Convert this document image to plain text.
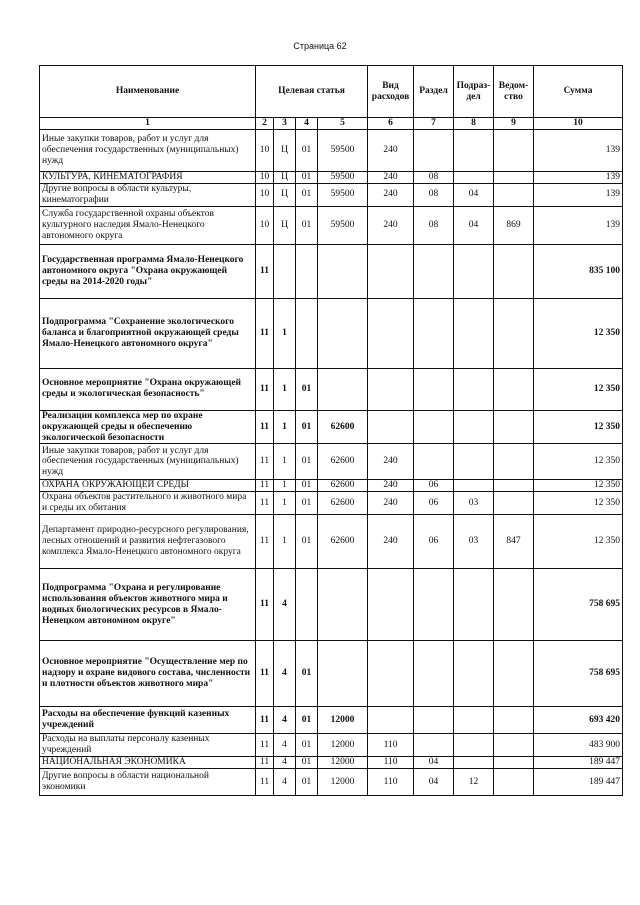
Страница 62
Наименование	Целевая статья				Вид расходов	Раздел	Подраз-дел	Ведом-ство	Сумма
1	2	3	4	5	6	7	8	9	10
Иные закупки товаров, работ и услуг для обеспечения государственных (муниципальных) нужд	10	Ц	01	59500	240				139
КУЛЬТУРА, КИНЕМАТОГРАФИЯ	10	Ц	01	59500	240	08			139
Другие вопросы в области культуры, кинематографии	10	Ц	01	59500	240	08	04		139
Служба государственной охраны объектов культурного наследия Ямало-Ненецкого автономного округа	10	Ц	01	59500	240	08	04	869	139
Государственная программа Ямало-Ненецкого автономного округа "Охрана окружающей среды на 2014-2020 годы"	11								835 100
Подпрограмма "Сохранение экологического баланса и благоприятной окружающей среды Ямало-Ненецкого автономного округа"	11	1							12 350
Основное мероприятие "Охрана окружающей среды и экологическая безопасность"	11	1	01						12 350
Реализация комплекса мер по охране окружающей среды и обеспечению экологической безопасности	11	1	01	62600					12 350
Иные закупки товаров, работ и услуг для обеспечения государственных (муниципальных) нужд	11	1	01	62600	240				12 350
ОХРАНА ОКРУЖАЮЩЕЙ СРЕДЫ	11	1	01	62600	240	06			12 350
Охрана объектов растительного и животного мира и среды их обитания	11	1	01	62600	240	06	03		12 350
Департамент природно-ресурсного регулирования, лесных отношений и развития нефтегазового комплекса Ямало-Ненецкого автономного округа	11	1	01	62600	240	06	03	847	12 350
Подпрограмма "Охрана и регулирование использования объектов животного мира и водных биологических ресурсов в Ямало-Ненецком автономном округе"	11	4							758 695
Основное мероприятие "Осуществление мер по надзору и охране видового состава, численности и плотности объектов животного мира"	11	4	01						758 695
Расходы на обеспечение функций казенных учреждений	11	4	01	12000					693 420
Расходы на выплаты персоналу казенных учреждений	11	4	01	12000	110				483 900
НАЦИОНАЛЬНАЯ ЭКОНОМИКА	11	4	01	12000	110	04			189 447
Другие вопросы в области национальной экономики	11	4	01	12000	110	04	12		189 447
